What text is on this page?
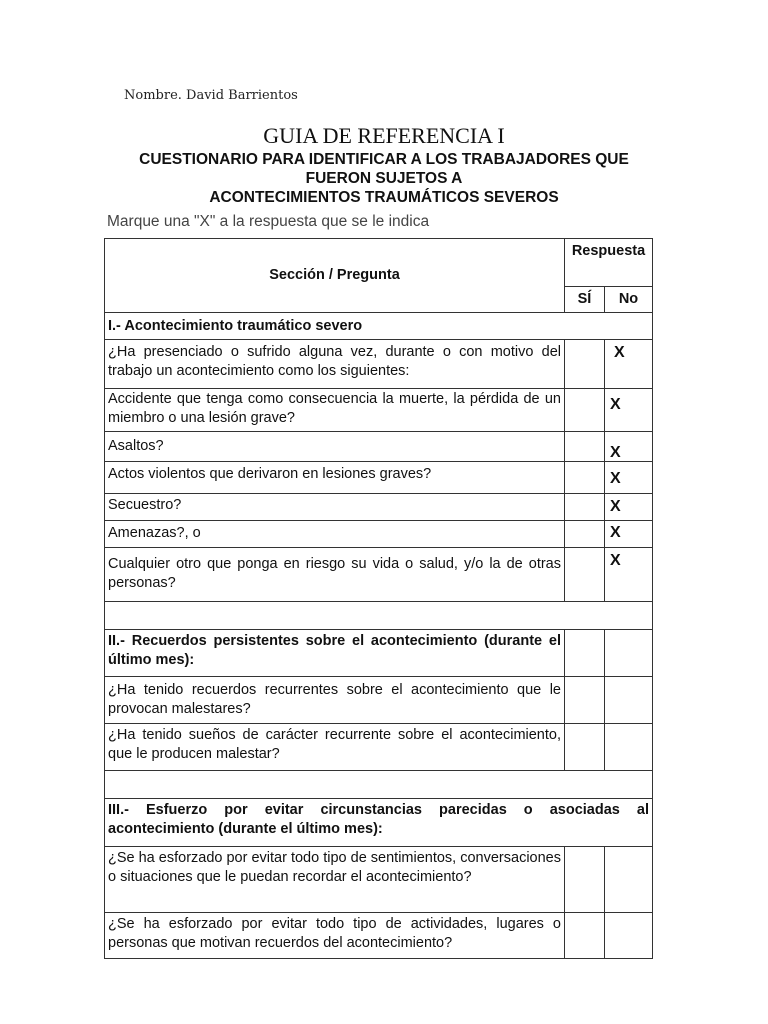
Nombre. David Barrientos
GUIA DE REFERENCIA I
CUESTIONARIO PARA IDENTIFICAR A LOS TRABAJADORES QUE
FUERON SUJETOS A
ACONTECIMIENTOS TRAUMÁTICOS SEVEROS
Marque una "X" a la respuesta que se le indica
Sección / Pregunta	Respuesta	

	SÍ	No
I.- Acontecimiento traumático severo		
¿Ha presenciado o sufrido alguna vez, durante o con motivo del trabajo un acontecimiento como los siguientes:		X
Accidente que tenga como consecuencia la muerte, la pérdida de un miembro o una lesión grave?		X
Asaltos?		X
Actos violentos que derivaron en lesiones graves?		X
Secuestro?		X
Amenazas?, o		X
Cualquier otro que ponga en riesgo su vida o salud, y/o la de otras personas?		X

II.- Recuerdos persistentes sobre el acontecimiento (durante el último mes):		
¿Ha tenido recuerdos recurrentes sobre el acontecimiento que le provocan malestares?		
¿Ha tenido sueños de carácter recurrente sobre el acontecimiento, que le producen malestar?		

III.- Esfuerzo por evitar circunstancias parecidas o asociadas al acontecimiento (durante el último mes):		
¿Se ha esforzado por evitar todo tipo de sentimientos, conversaciones o situaciones que le puedan recordar el acontecimiento?		
¿Se ha esforzado por evitar todo tipo de actividades, lugares o personas que motivan recuerdos del acontecimiento?		
